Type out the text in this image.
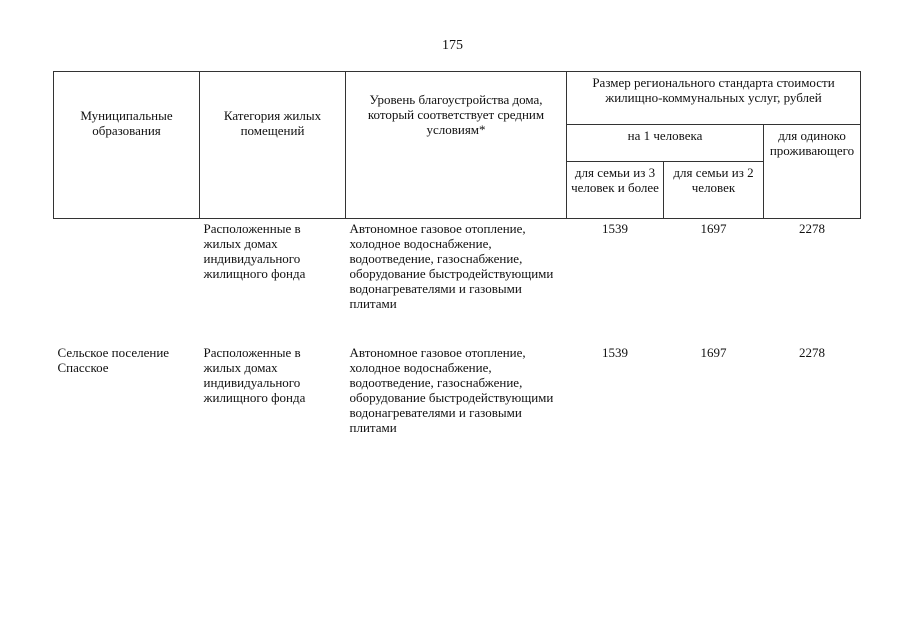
175
Муниципальные образования	Категория жилых помещений	Уровень благоустройства дома, который соответствует средним условиям*	Размер регионального стандарта стоимости жилищно-коммунальных услуг, рублей		
			на 1 человека		для одиноко проживающего
			для семьи из 3 человек и более	для семьи из 2 человек	
	Расположенные в жилых домах индивидуального жилищного фонда	Автономное газовое отопление, холодное водоснабжение, водоотведение, газоснабжение, оборудование быстродействующими водонагревателями и газовыми плитами	1539	1697	2278
Сельское поселение Спасское	Расположенные в жилых домах индивидуального жилищного фонда	Автономное газовое отопление, холодное водоснабжение, водоотведение, газоснабжение, оборудование быстродействующими водонагревателями и газовыми плитами	1539	1697	2278
